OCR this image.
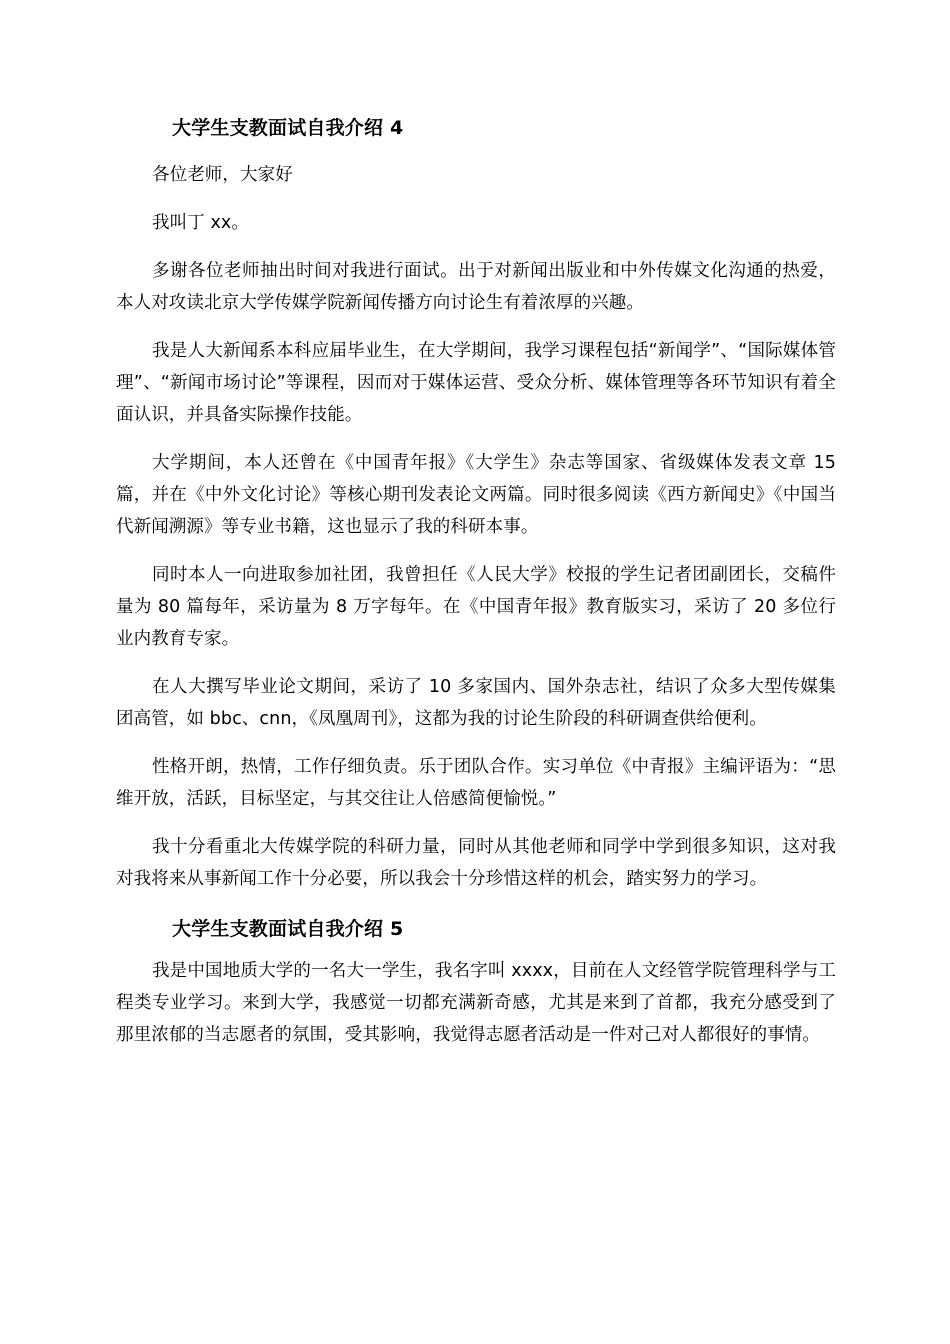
大学生支教面试自我介绍 4

各位老师，大家好

我叫丁 xx。

多谢各位老师抽出时间对我进行面试。出于对新闻出版业和中外传媒文化沟通的热爱，本人对攻读北京大学传媒学院新闻传播方向讨论生有着浓厚的兴趣。

我是人大新闻系本科应届毕业生，在大学期间，我学习课程包括“新闻学”、“国际媒体管理”、“新闻市场讨论”等课程，因而对于媒体运营、受众分析、媒体管理等各环节知识有着全面认识，并具备实际操作技能。

大学期间，本人还曾在《中国青年报》《大学生》杂志等国家、省级媒体发表文章 15 篇，并在《中外文化讨论》等核心期刊发表论文两篇。同时很多阅读《西方新闻史》《中国当代新闻溯源》等专业书籍，这也显示了我的科研本事。

同时本人一向进取参加社团，我曾担任《人民大学》校报的学生记者团副团长，交稿件量为 80 篇每年，采访量为 8 万字每年。在《中国青年报》教育版实习，采访了 20 多位行业内教育专家。

在人大撰写毕业论文期间，采访了 10 多家国内、国外杂志社，结识了众多大型传媒集团高管，如 bbc、cnn，《凤凰周刊》，这都为我的讨论生阶段的科研调查供给便利。

性格开朗，热情，工作仔细负责。乐于团队合作。实习单位《中青报》主编评语为：“思维开放，活跃，目标坚定，与其交往让人倍感简便愉悦。”

我十分看重北大传媒学院的科研力量，同时从其他老师和同学中学到很多知识，这对我对我将来从事新闻工作十分必要，所以我会十分珍惜这样的机会，踏实努力的学习。

大学生支教面试自我介绍 5

我是中国地质大学的一名大一学生，我名字叫 xxxx，目前在人文经管学院管理科学与工程类专业学习。来到大学，我感觉一切都充满新奇感，尤其是来到了首都，我充分感受到了那里浓郁的当志愿者的氛围，受其影响，我觉得志愿者活动是一件对己对人都很好的事情。
